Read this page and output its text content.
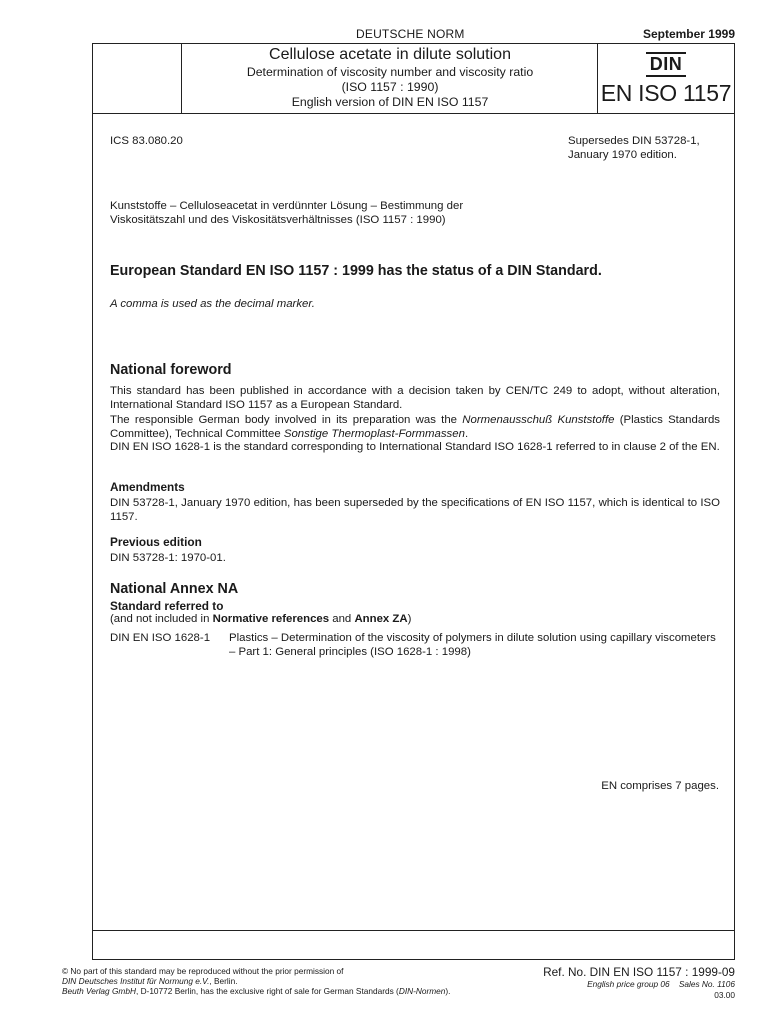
DEUTSCHE NORM	September 1999
Cellulose acetate in dilute solution
Determination of viscosity number and viscosity ratio
(ISO 1157 : 1990)
English version of DIN EN ISO 1157
DIN
EN ISO 1157
ICS 83.080.20	Supersedes DIN 53728-1,
January 1970 edition.
Kunststoffe – Celluloseacetat in verdünnter Lösung – Bestimmung der
Viskositätszahl und des Viskositätsverhältnisses (ISO 1157 : 1990)
European Standard EN ISO 1157 : 1999 has the status of a DIN Standard.
A comma is used as the decimal marker.
National foreword

This standard has been published in accordance with a decision taken by CEN/TC 249 to adopt, without alteration, International Standard ISO 1157 as a European Standard.

The responsible German body involved in its preparation was the Normenausschuß Kunststoffe (Plastics Standards Committee), Technical Committee Sonstige Thermoplast-Formmassen.

DIN EN ISO 1628-1 is the standard corresponding to International Standard ISO 1628-1 referred to in clause 2 of the EN.

Amendments
DIN 53728-1, January 1970 edition, has been superseded by the specifications of EN ISO 1157, which is identical to ISO 1157.
Previous edition
DIN 53728-1: 1970-01.
National Annex NA
Standard referred to
(and not included in Normative references and Annex ZA)
DIN EN ISO 1628-1	Plastics – Determination of the viscosity of polymers in dilute solution using capillary viscometers – Part 1: General principles (ISO 1628-1 : 1998)
EN comprises 7 pages.
© No part of this standard may be reproduced without the prior permission of
DIN Deutsches Institut für Normung e.V., Berlin.
Beuth Verlag GmbH, D-10772 Berlin, has the exclusive right of sale for German Standards (DIN-Normen).
Ref. No. DIN EN ISO 1157 : 1999-09
English price group 06 Sales No. 1106
03.00
